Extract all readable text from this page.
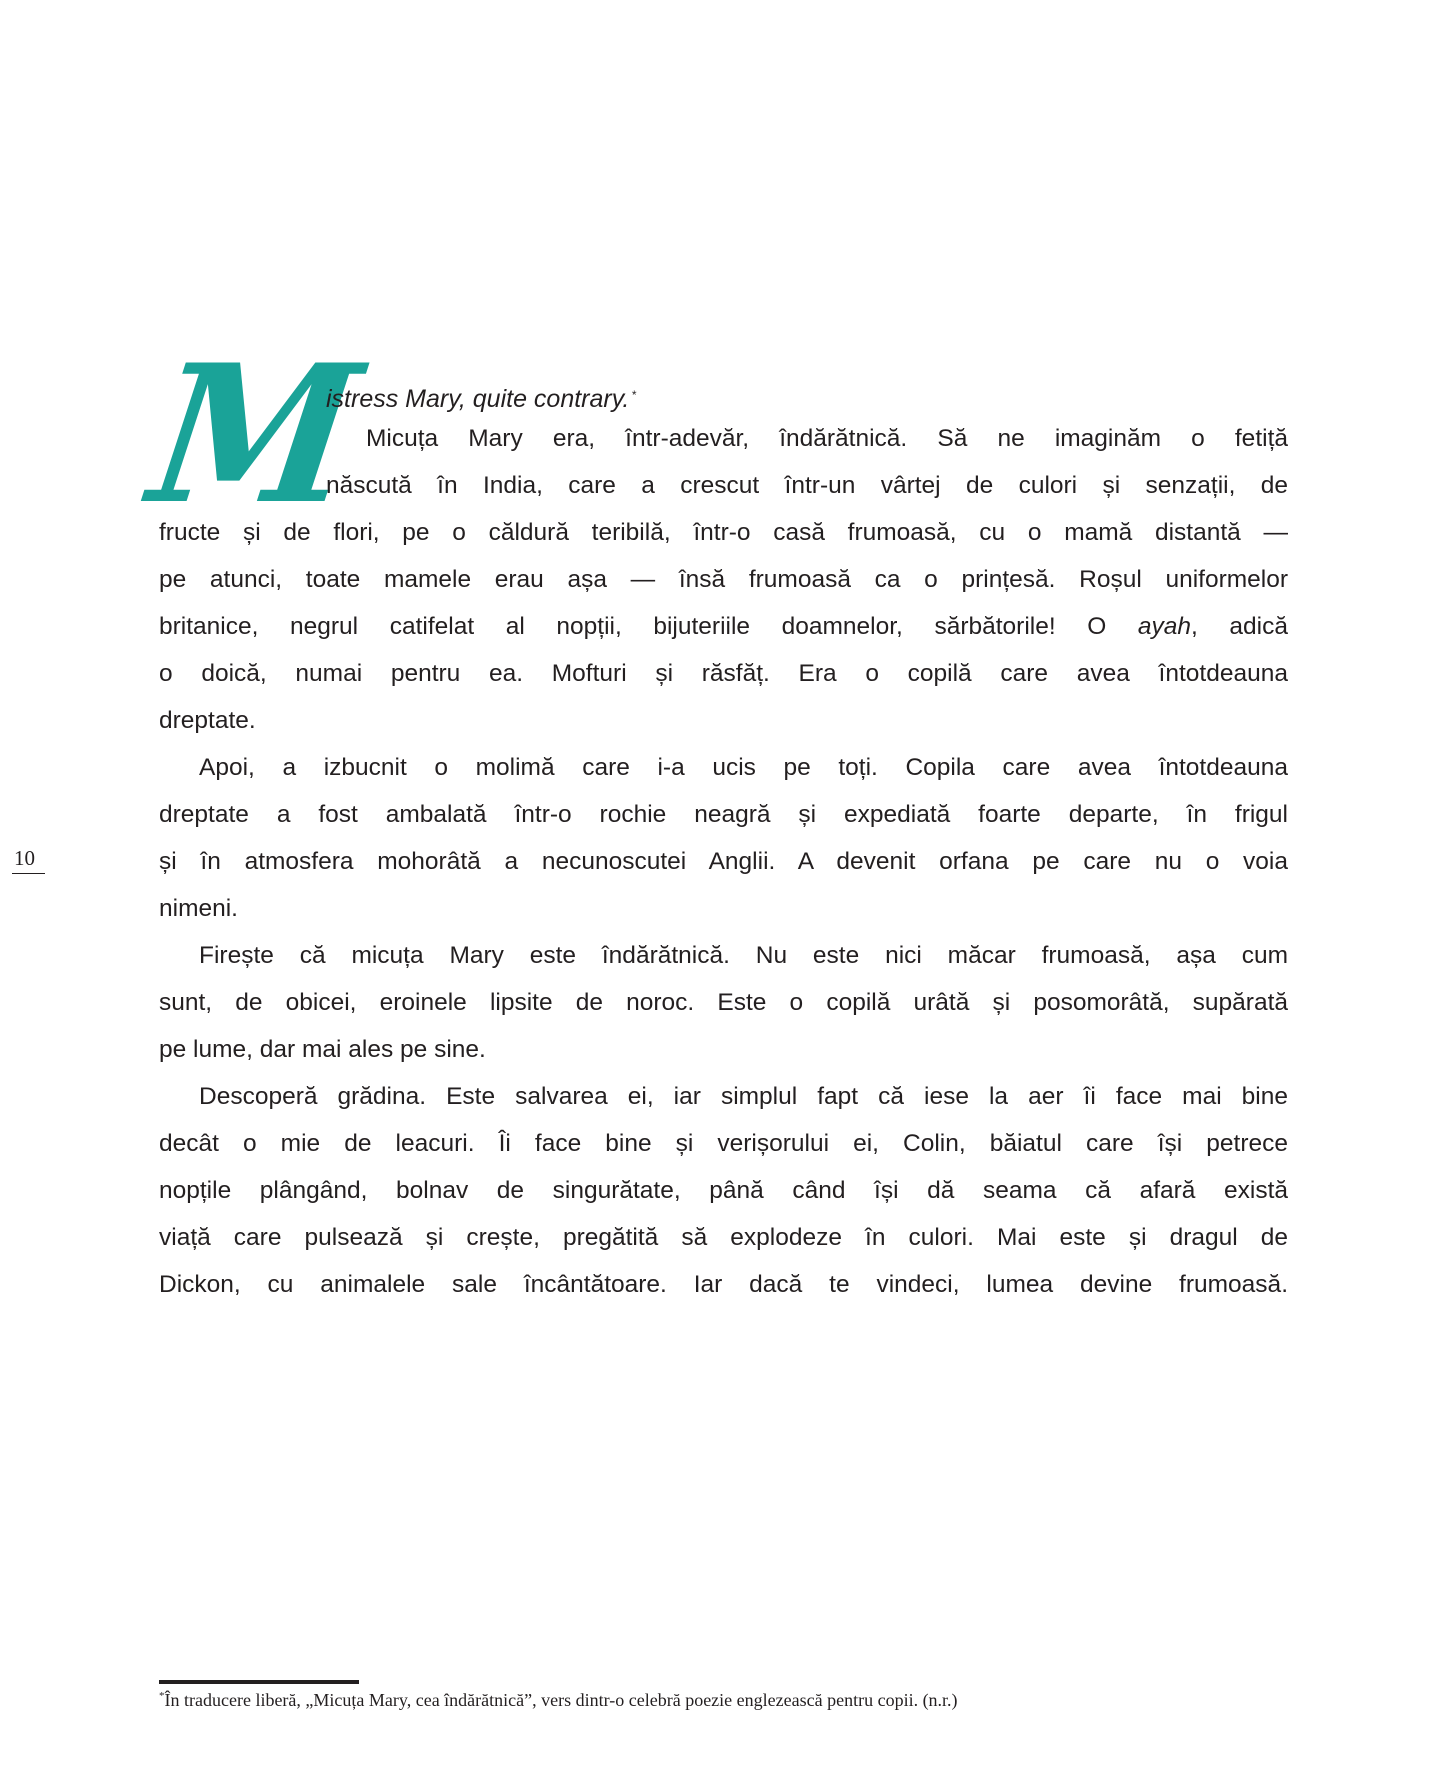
M
istress Mary, quite contrary. *
Micuța Mary era, într-adevăr, îndărătnică. Să ne imaginăm o fetiță
născută în India, care a crescut într-un vârtej de culori și senzații, de
fructe și de flori, pe o căldură teribilă, într-o casă frumoasă, cu o mamă distantă —
pe atunci, toate mamele erau așa — însă frumoasă ca o prințesă. Roșul uniformelor
britanice, negrul catifelat al nopții, bijuteriile doamnelor, sărbătorile! O ayah, adică
o doică, numai pentru ea. Mofturi și răsfăț. Era o copilă care avea întotdeauna
dreptate.
Apoi, a izbucnit o molimă care i-a ucis pe toți. Copila care avea întotdeauna
dreptate a fost ambalată într-o rochie neagră și expediată foarte departe, în frigul
și în atmosfera mohorâtă a necunoscutei Anglii. A devenit orfana pe care nu o voia
nimeni.
Firește că micuța Mary este îndărătnică. Nu este nici măcar frumoasă, așa cum
sunt, de obicei, eroinele lipsite de noroc. Este o copilă urâtă și posomorâtă, supărată
pe lume, dar mai ales pe sine.
Descoperă grădina. Este salvarea ei, iar simplul fapt că iese la aer îi face mai bine
decât o mie de leacuri. Îi face bine și verișorului ei, Colin, băiatul care își petrece
nopțile plângând, bolnav de singurătate, până când își dă seama că afară există
viață care pulsează și crește, pregătită să explodeze în culori. Mai este și dragul de
Dickon, cu animalele sale încântătoare. Iar dacă te vindeci, lumea devine frumoasă.
10
*În traducere liberă, „Micuța Mary, cea îndărătnică”, vers dintr-o celebră poezie englezească pentru copii. (n.r.)
